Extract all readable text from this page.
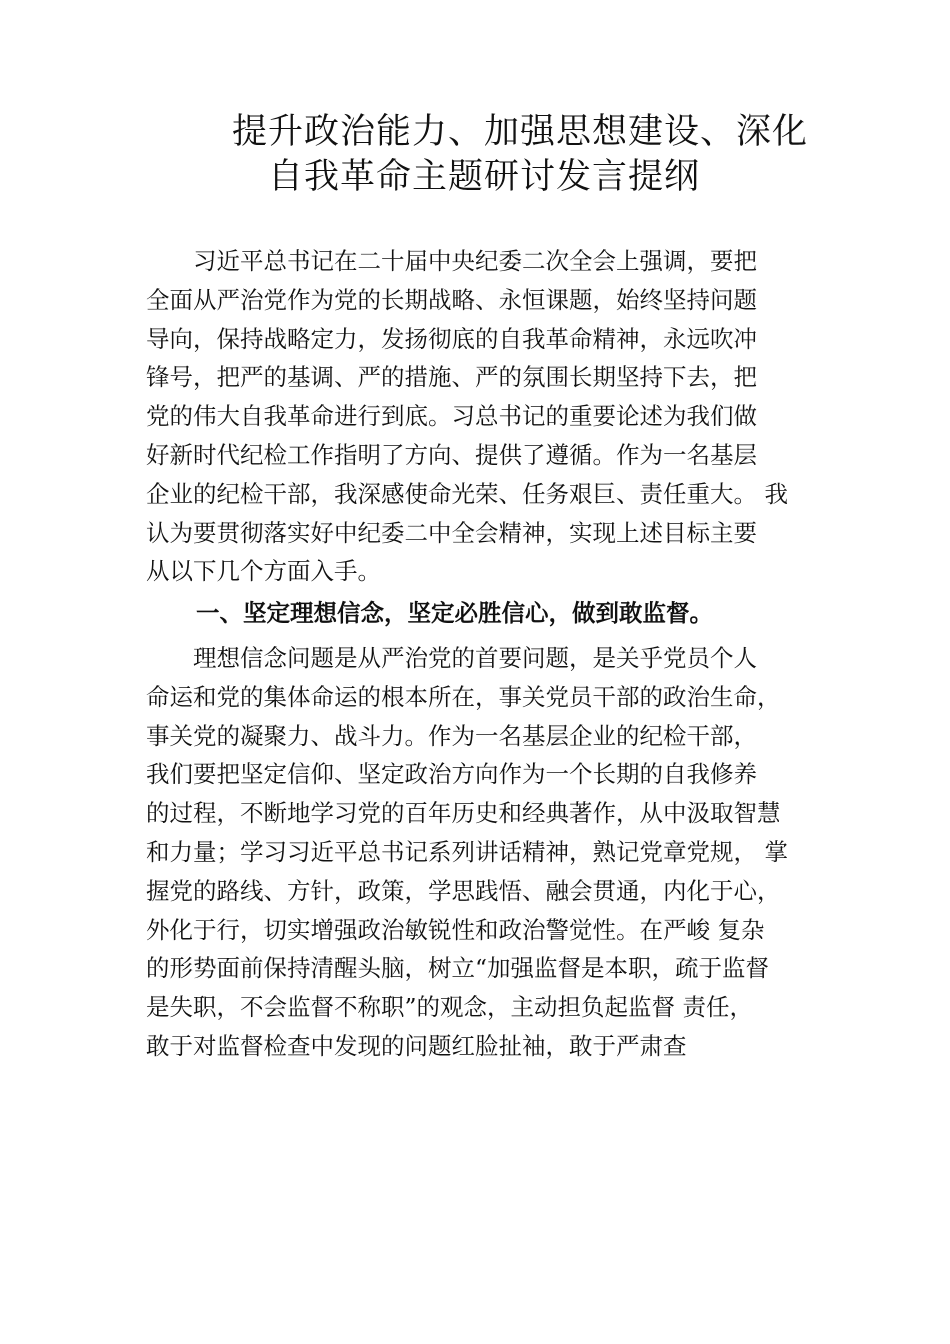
提升政治能力、加强思想建设、深化
自我革命主题研讨发言提纲
　　习近平总书记在二十届中央纪委二次全会上强调，要把
全面从严治党作为党的长期战略、永恒课题，始终坚持问题
导向，保持战略定力，发扬彻底的自我革命精神，永远吹冲
锋号，把严的基调、严的措施、严的氛围长期坚持下去，把
党的伟大自我革命进行到底。习总书记的重要论述为我们做
好新时代纪检工作指明了方向、提供了遵循。作为一名基层
企业的纪检干部，我深感使命光荣、任务艰巨、责任重大。 我
认为要贯彻落实好中纪委二中全会精神，实现上述目标主要
从以下几个方面入手。
一、坚定理想信念，坚定必胜信心，做到敢监督。
　　理想信念问题是从严治党的首要问题，是关乎党员个人
命运和党的集体命运的根本所在，事关党员干部的政治生命，
事关党的凝聚力、战斗力。作为一名基层企业的纪检干部，
我们要把坚定信仰、坚定政治方向作为一个长期的自我修养
的过程，不断地学习党的百年历史和经典著作，从中汲取智慧
和力量；学习习近平总书记系列讲话精神，熟记党章党规， 掌
握党的路线、方针，政策，学思践悟、融会贯通，内化于心，
外化于行，切实增强政治敏锐性和政治警觉性。在严峻 复杂
的形势面前保持清醒头脑，树立“加强监督是本职，疏于监督
是失职，不会监督不称职”的观念，主动担负起监督 责任，
敢于对监督检查中发现的问题红脸扯袖，敢于严肃查
